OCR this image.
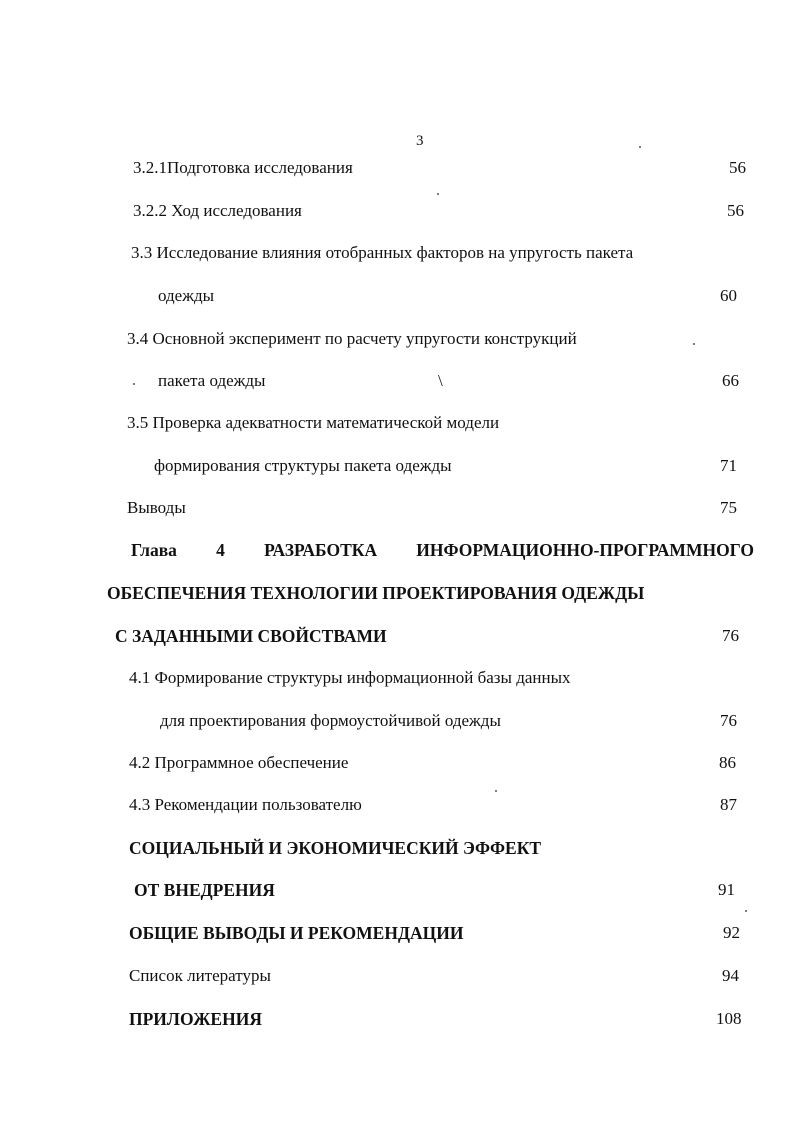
3
3.2.1Подготовка исследования	56
3.2.2 Ход исследования	56
3.3 Исследование влияния отобранных факторов на упругость пакета
одежды	60
3.4 Основной эксперимент по расчету упругости конструкций
пакета одежды	\	66
3.5 Проверка адекватности математической модели
формирования структуры пакета одежды	71
Выводы	75
Глава 4 РАЗРАБОТКА ИНФОРМАЦИОННО-ПРОГРАММНОГО
ОБЕСПЕЧЕНИЯ ТЕХНОЛОГИИ ПРОЕКТИРОВАНИЯ ОДЕЖДЫ
С ЗАДАННЫМИ СВОЙСТВАМИ	76
4.1 Формирование структуры информационной базы данных
для проектирования формоустойчивой одежды	76
4.2 Программное обеспечение	86
4.3 Рекомендации пользователю	87
СОЦИАЛЬНЫЙ И ЭКОНОМИЧЕСКИЙ ЭФФЕКТ
ОТ ВНЕДРЕНИЯ	91
ОБЩИЕ ВЫВОДЫ И РЕКОМЕНДАЦИИ	92
Список литературы	94
ПРИЛОЖЕНИЯ	108
